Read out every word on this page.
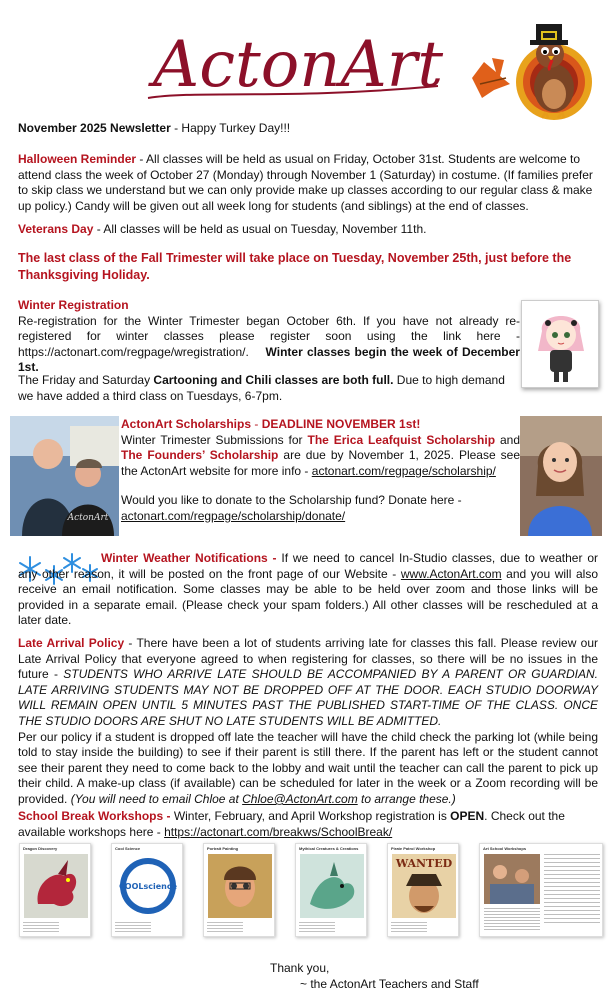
ActonArt
November 2025 Newsletter - Happy Turkey Day!!!
Halloween Reminder - All classes will be held as usual on Friday, October 31st. Students are welcome to attend class the week of October 27 (Monday) through November 1 (Saturday) in costume. (If families prefer to skip class we understand but we can only provide make up classes according to our regular class & make up policy.) Candy will be given out all week long for students (and siblings) at the end of classes.
Veterans Day - All classes will be held as usual on Tuesday, November 11th.
The last class of the Fall Trimester will take place on Tuesday, November 25th, just before the Thanksgiving Holiday.
Winter Registration
Re-registration for the Winter Trimester began October 6th. If you have not already re-registered for winter classes please register soon using the link here - https://actonart.com/regpage/wregistration/. Winter classes begin the week of December 1st.
The Friday and Saturday Cartooning and Chili classes are both full. Due to high demand we have added a third class on Tuesdays, 6-7pm.
ActonArt
ActonArt Scholarships - DEADLINE NOVEMBER 1st!
Winter Trimester Submissions for The Erica Leafquist Scholarship and The Founders’ Scholarship are due by November 1, 2025. Please see the ActonArt website for more info - actonart.com/regpage/scholarship/
Would you like to donate to the Scholarship fund? Donate here - actonart.com/regpage/scholarship/donate/
Winter Weather Notifications - If we need to cancel In-Studio classes, due to weather or any other reason, it will be posted on the front page of our Website - www.ActonArt.com and you will also receive an email notification. Some classes may be able to be held over zoom and those links will be provided in a separate email. (Please check your spam folders.) All other classes will be rescheduled at a later date.
Late Arrival Policy - There have been a lot of students arriving late for classes this fall. Please review our Late Arrival Policy that everyone agreed to when registering for classes, so there will be no issues in the future - STUDENTS WHO ARRIVE LATE SHOULD BE ACCOMPANIED BY A PARENT OR GUARDIAN. LATE ARRIVING STUDENTS MAY NOT BE DROPPED OFF AT THE DOOR. EACH STUDIO DOORWAY WILL REMAIN OPEN UNTIL 5 MINUTES PAST THE PUBLISHED START-TIME OF THE CLASS. ONCE THE STUDIO DOORS ARE SHUT NO LATE STUDENTS WILL BE ADMITTED.
Per our policy if a student is dropped off late the teacher will have the child check the parking lot (while being told to stay inside the building) to see if their parent is still there. If the parent has left or the student cannot see their parent they need to come back to the lobby and wait until the teacher can call the parent to pick up their child. A make-up class (if available) can be scheduled for later in the week or a Zoom recording will be provided. (You will need to email Chloe at Chloe@ActonArt.com to arrange these.)
School Break Workshops - Winter, February, and April Workshop registration is OPEN. Check out the available workshops here - https://actonart.com/breakws/SchoolBreak/
Dragon Discovery	Cool Science
COOLscience
Portrait Painting	Mythical Creatures & Creations	Pirate Patrol Workshop
WANTED
Art School Workshops
Thank you,
~ the ActonArt Teachers and Staff
